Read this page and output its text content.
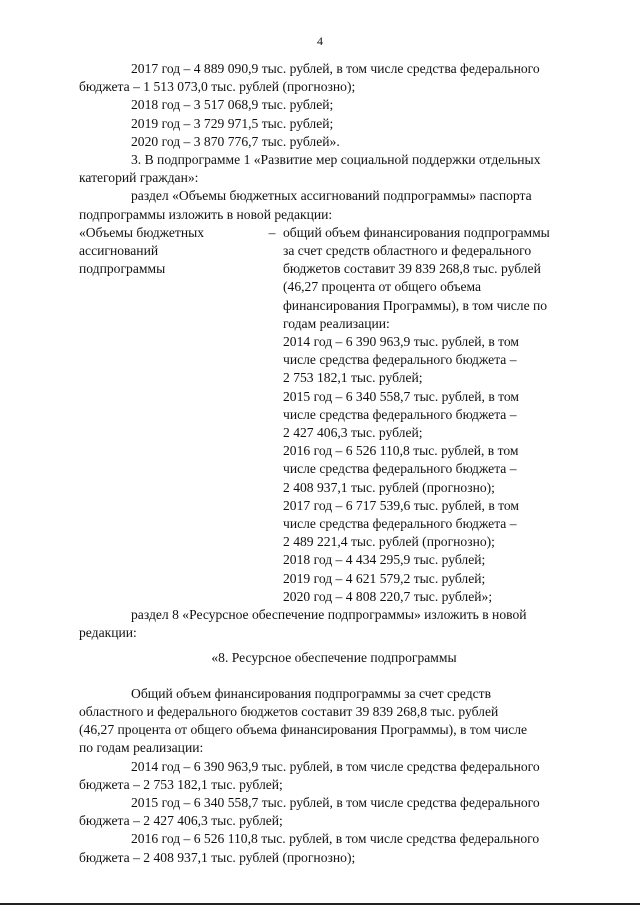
4
2017 год – 4 889 090,9 тыс. рублей, в том числе средства федерального
бюджета – 1 513 073,0 тыс. рублей (прогнозно);
2018 год – 3 517 068,9 тыс. рублей;
2019 год – 3 729 971,5 тыс. рублей;
2020 год – 3 870 776,7 тыс. рублей».
3. В подпрограмме 1 «Развитие мер социальной поддержки отдельных
категорий граждан»:
раздел «Объемы бюджетных ассигнований подпрограммы» паспорта
подпрограммы изложить в новой редакции:
«Объемы бюджетных
ассигнований
подпрограммы
– общий объем финансирования подпрограммы
за счет средств областного и федерального
бюджетов составит 39 839 268,8 тыс. рублей
(46,27 процента от общего объема
финансирования Программы), в том числе по
годам реализации:
2014 год – 6 390 963,9 тыс. рублей, в том
числе средства федерального бюджета –
2 753 182,1 тыс. рублей;
2015 год – 6 340 558,7 тыс. рублей, в том
числе средства федерального бюджета –
2 427 406,3 тыс. рублей;
2016 год – 6 526 110,8 тыс. рублей, в том
числе средства федерального бюджета –
2 408 937,1 тыс. рублей (прогнозно);
2017 год – 6 717 539,6 тыс. рублей, в том
числе средства федерального бюджета –
2 489 221,4 тыс. рублей (прогнозно);
2018 год – 4 434 295,9 тыс. рублей;
2019 год – 4 621 579,2 тыс. рублей;
2020 год – 4 808 220,7 тыс. рублей»;
раздел 8 «Ресурсное обеспечение подпрограммы» изложить в новой
редакции:
«8. Ресурсное обеспечение подпрограммы
Общий объем финансирования подпрограммы за счет средств
областного и федерального бюджетов составит 39 839 268,8 тыс. рублей
(46,27 процента от общего объема финансирования Программы), в том числе
по годам реализации:
2014 год – 6 390 963,9 тыс. рублей, в том числе средства федерального
бюджета – 2 753 182,1 тыс. рублей;
2015 год – 6 340 558,7 тыс. рублей, в том числе средства федерального
бюджета – 2 427 406,3 тыс. рублей;
2016 год – 6 526 110,8 тыс. рублей, в том числе средства федерального
бюджета – 2 408 937,1 тыс. рублей (прогнозно);
